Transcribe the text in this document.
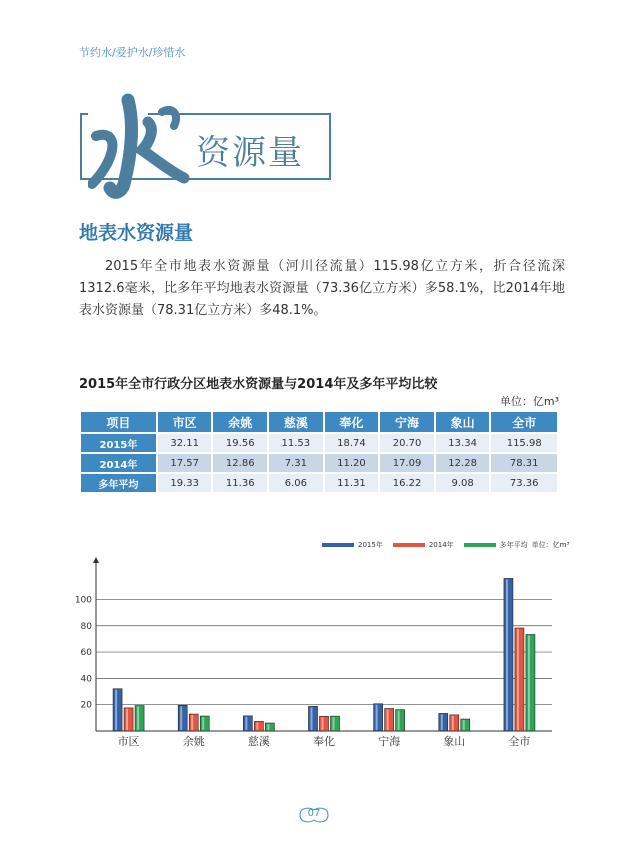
节约水/爱护水/珍惜水
资源量
地表水资源量
2015年全市地表水资源量（河川径流量）115.98亿立方米，折合径流深1312.6毫米，比多年平均地表水资源量（73.36亿立方米）多58.1%，比2014年地表水资源量（78.31亿立方米）多48.1%。
2015年全市行政分区地表水资源量与2014年及多年平均比较
单位：亿m³
项目	市区	余姚	慈溪	奉化	宁海	象山	全市
2015年	32.11	19.56	11.53	18.74	20.70	13.34	115.98
2014年	17.57	12.86	7.31	11.20	17.09	12.28	78.31
多年平均	19.33	11.36	6.06	11.31	16.22	9.08	73.36
2015年	2014年	多年平均 单位：亿m³
20
40
60
80
100
市区	余姚	慈溪	奉化	宁海	象山	全市
07
